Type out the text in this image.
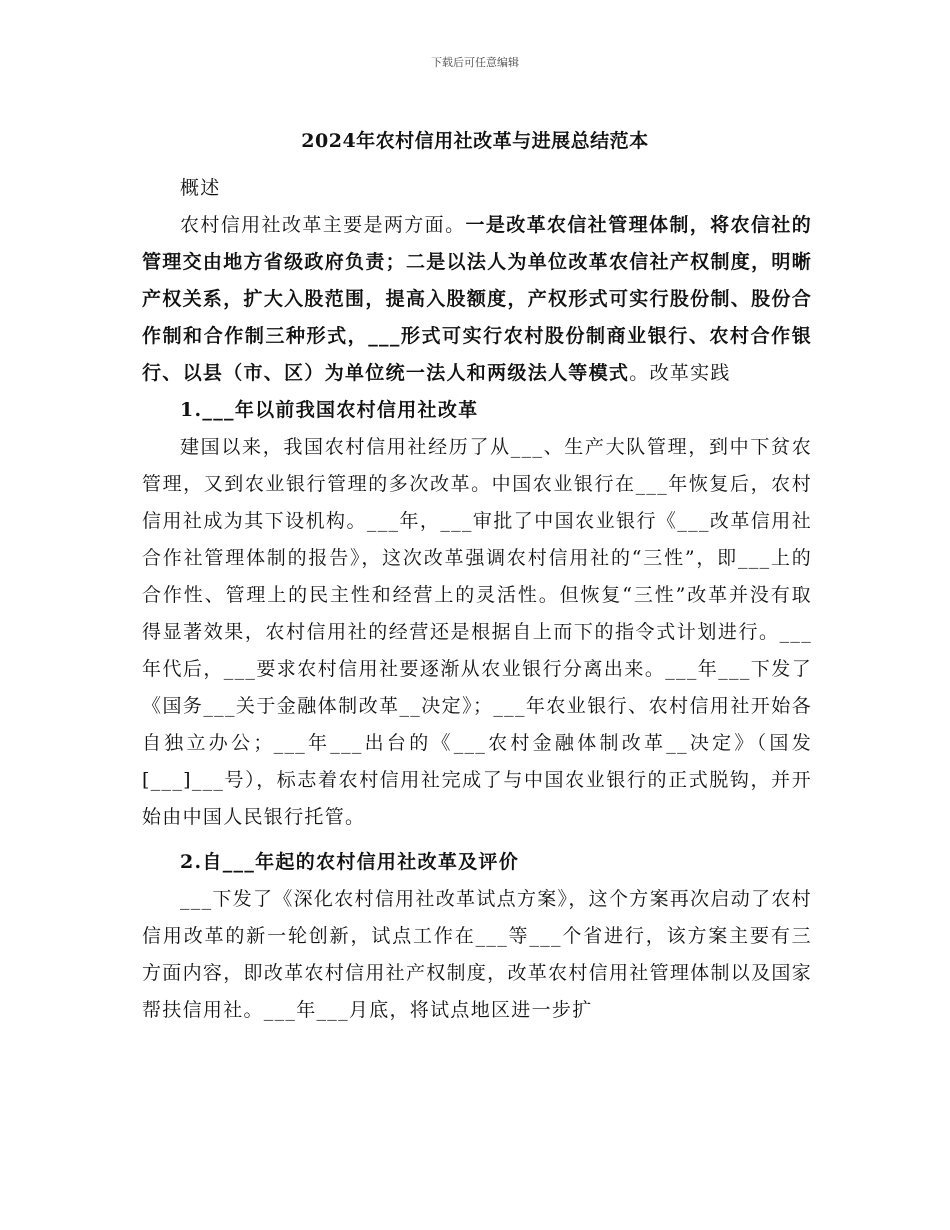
下载后可任意编辑
2024年农村信用社改革与进展总结范本

概述

农村信用社改革主要是两方面。一是改革农信社管理体制，将农信社的管理交由地方省级政府负责；二是以法人为单位改革农信社产权制度，明晰产权关系，扩大入股范围，提高入股额度，产权形式可实行股份制、股份合作制和合作制三种形式，___形式可实行农村股份制商业银行、农村合作银行、以县（市、区）为单位统一法人和两级法人等模式。改革实践

1.___年以前我国农村信用社改革

建国以来，我国农村信用社经历了从___、生产大队管理，到中下贫农管理，又到农业银行管理的多次改革。中国农业银行在___年恢复后，农村信用社成为其下设机构。___年，___审批了中国农业银行《___改革信用社合作社管理体制的报告》，这次改革强调农村信用社的“三性”，即___上的合作性、管理上的民主性和经营上的灵活性。但恢复“三性”改革并没有取得显著效果，农村信用社的经营还是根据自上而下的指令式计划进行。___年代后，___要求农村信用社要逐渐从农业银行分离出来。___年___下发了《国务___关于金融体制改革__决定》；___年农业银行、农村信用社开始各自独立办公；___年___出台的《___农村金融体制改革__决定》（国发[___]___号），标志着农村信用社完成了与中国农业银行的正式脱钩，并开始由中国人民银行托管。

2.自___年起的农村信用社改革及评价

___下发了《深化农村信用社改革试点方案》，这个方案再次启动了农村信用改革的新一轮创新，试点工作在___等___个省进行，该方案主要有三方面内容，即改革农村信用社产权制度，改革农村信用社管理体制以及国家帮扶信用社。___年___月底，将试点地区进一步扩
